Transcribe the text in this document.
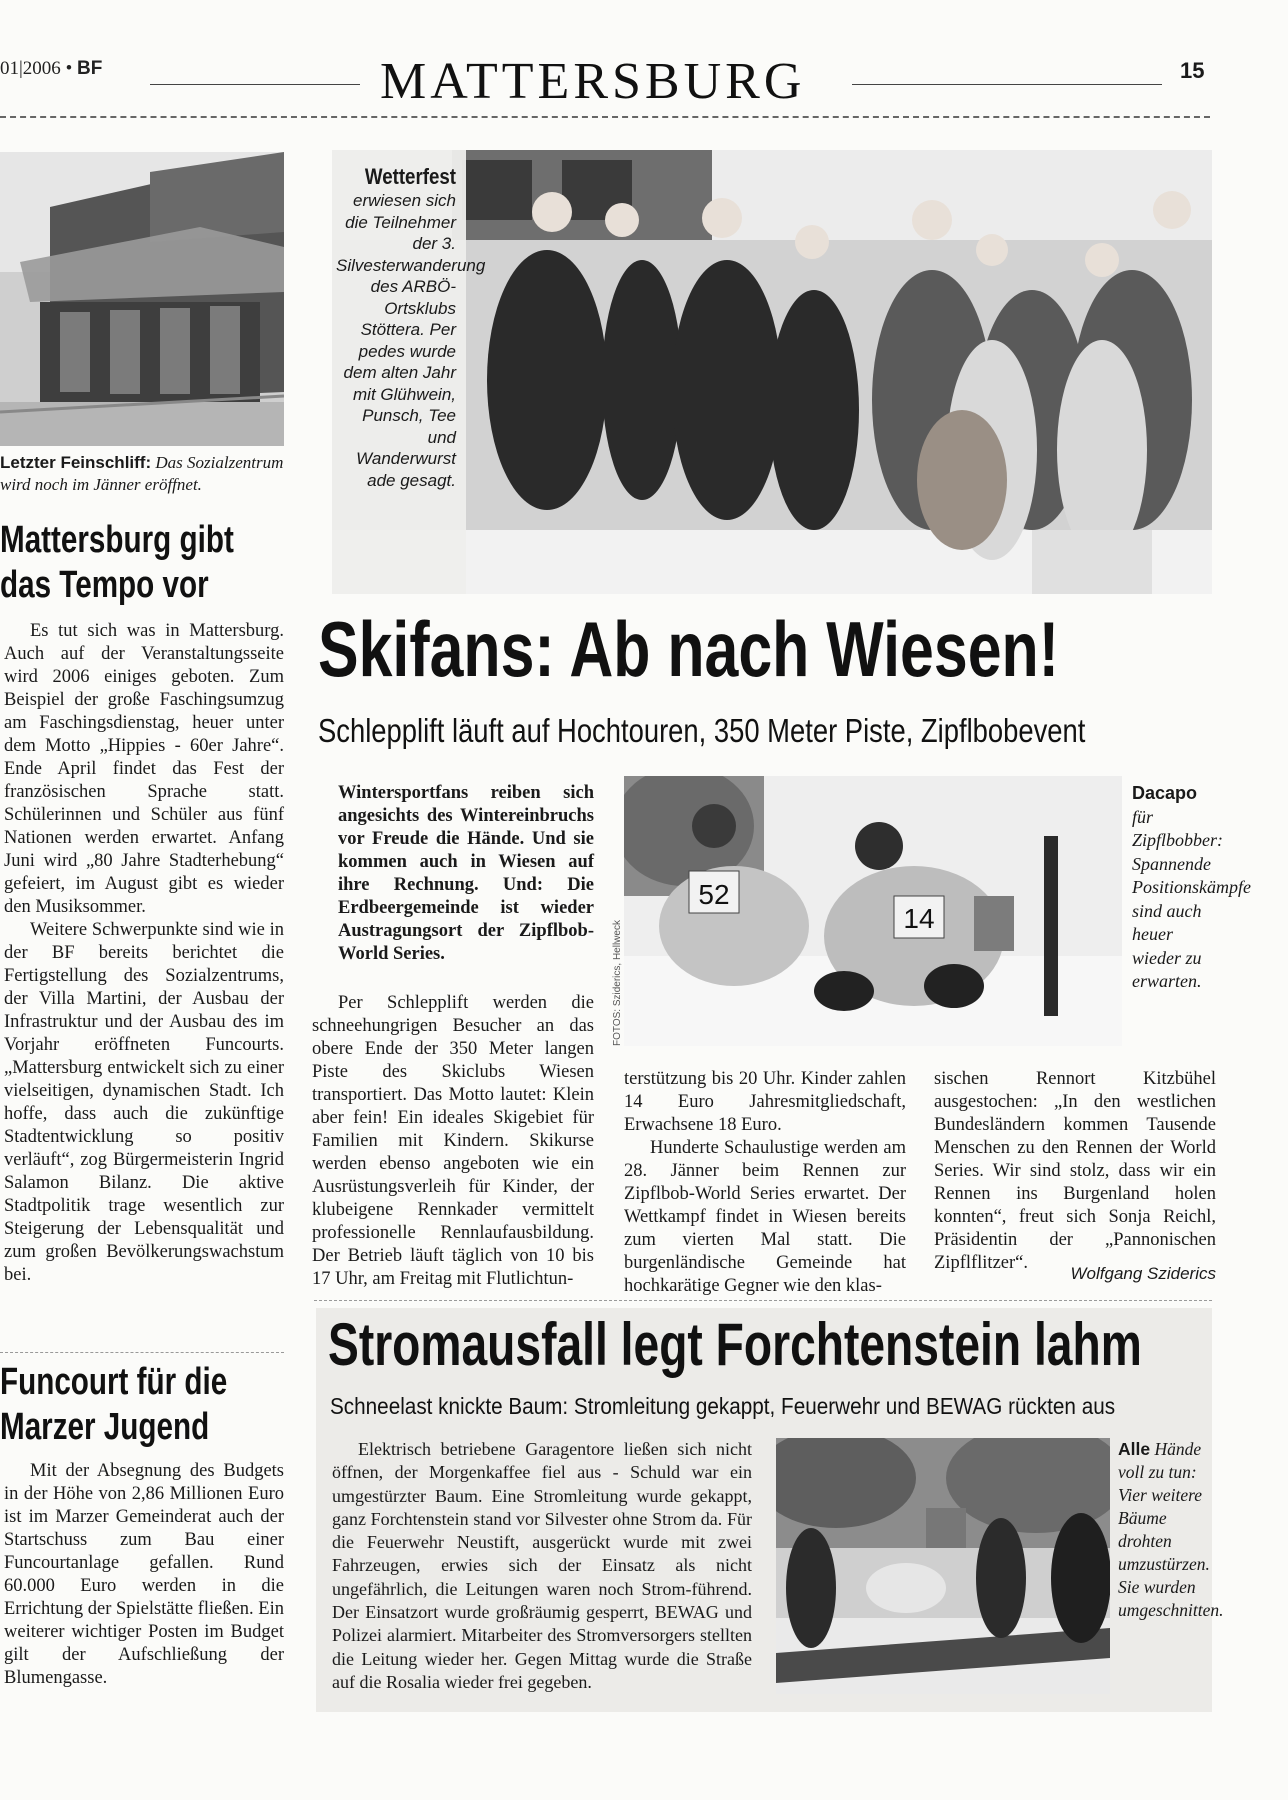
01|2006 • BF	MATTERSBURG	15
Letzter Feinschliff: Das Sozialzentrum wird noch im Jänner eröffnet.
Mattersburg gibt
das Tempo vor

Es tut sich was in Mattersburg. Auch auf der Veranstaltungsseite wird 2006 einiges geboten. Zum Beispiel der große Faschingsumzug am Faschingsdienstag, heuer unter dem Motto „Hippies - 60er Jahre“. Ende April findet das Fest der französischen Sprache statt. Schülerinnen und Schüler aus fünf Nationen werden erwartet. Anfang Juni wird „80 Jahre Stadterhebung“ gefeiert, im August gibt es wieder den Musiksommer.

Weitere Schwerpunkte sind wie in der BF bereits berichtet die Fertigstellung des Sozialzentrums, der Villa Martini, der Ausbau der Infrastruktur und der Ausbau des im Vorjahr eröffneten Funcourts. „Mattersburg entwickelt sich zu einer vielseitigen, dynamischen Stadt. Ich hoffe, dass auch die zukünftige Stadtentwicklung so positiv verläuft“, zog Bürgermeisterin Ingrid Salamon Bilanz. Die aktive Stadtpolitik trage wesentlich zur Steigerung der Lebensqualität und zum großen Bevölkerungswachstum bei.

Funcourt für die
Marzer Jugend

Mit der Absegnung des Budgets in der Höhe von 2,86 Millionen Euro ist im Marzer Gemeinderat auch der Startschuss zum Bau einer Funcourtanlage gefallen. Rund 60.000 Euro werden in die Errichtung der Spielstätte fließen. Ein weiterer wichtiger Posten im Budget gilt der Aufschließung der Blumengasse.

Wetterfest
erwiesen sich die Teilnehmer der 3. Silvesterwanderung des ARBÖ-Ortsklubs Stöttera. Per pedes wurde dem alten Jahr mit Glühwein, Punsch, Tee und Wanderwurst ade gesagt.
Skifans: Ab nach Wiesen!
Schlepplift läuft auf Hochtouren, 350 Meter Piste, Zipflbobevent
Wintersportfans reiben sich angesichts des Wintereinbruchs vor Freude die Hände. Und sie kommen auch in Wiesen auf ihre Rechnung. Und: Die Erdbeergemeinde ist wieder Austragungsort der Zipflbob-World Series.
52
14
FOTOS: Sziderics, Hellweck
Dacapo für Zipflbobber: Spannende Positionskämpfe sind auch heuer wieder zu erwarten.

Per Schlepplift werden die schneehungrigen Besucher an das obere Ende der 350 Meter langen Piste des Skiclubs Wiesen transportiert. Das Motto lautet: Klein aber fein! Ein ideales Skigebiet für Familien mit Kindern. Skikurse werden ebenso angeboten wie ein Ausrüstungsverleih für Kinder, der klubeigene Rennkader vermittelt professionelle Rennlaufausbildung. Der Betrieb läuft täglich von 10 bis 17 Uhr, am Freitag mit Flutlichtun-

terstützung bis 20 Uhr. Kinder zahlen 14 Euro Jahresmitgliedschaft, Erwachsene 18 Euro.

Hunderte Schaulustige werden am 28. Jänner beim Rennen zur Zipflbob-World Series erwartet. Der Wettkampf findet in Wiesen bereits zum vierten Mal statt. Die burgenländische Gemeinde hat hochkarätige Gegner wie den klas-

sischen Rennort Kitzbühel ausgestochen: „In den westlichen Bundesländern kommen Tausende Menschen zu den Rennen der World Series. Wir sind stolz, dass wir ein Rennen ins Burgenland holen konnten“, freut sich Sonja Reichl, Präsidentin der „Pannonischen Zipflflitzer“.

Wolfgang Sziderics
Stromausfall legt Forchtenstein lahm
Schneelast knickte Baum: Stromleitung gekappt, Feuerwehr und BEWAG rückten aus

Elektrisch betriebene Garagentore ließen sich nicht öffnen, der Morgenkaffee fiel aus - Schuld war ein umgestürzter Baum. Eine Stromleitung wurde gekappt, ganz Forchtenstein stand vor Silvester ohne Strom da. Für die Feuerwehr Neustift, ausgerückt wurde mit zwei Fahrzeugen, erwies sich der Einsatz als nicht ungefährlich, die Leitungen waren noch Strom-führend. Der Einsatzort wurde großräumig gesperrt, BEWAG und Polizei alarmiert. Mitarbeiter des Stromversorgers stellten die Leitung wieder her. Gegen Mittag wurde die Straße auf die Rosalia wieder frei gegeben.

Alle Hände voll zu tun: Vier weitere Bäume drohten umzustürzen. Sie wurden umgeschnitten.
